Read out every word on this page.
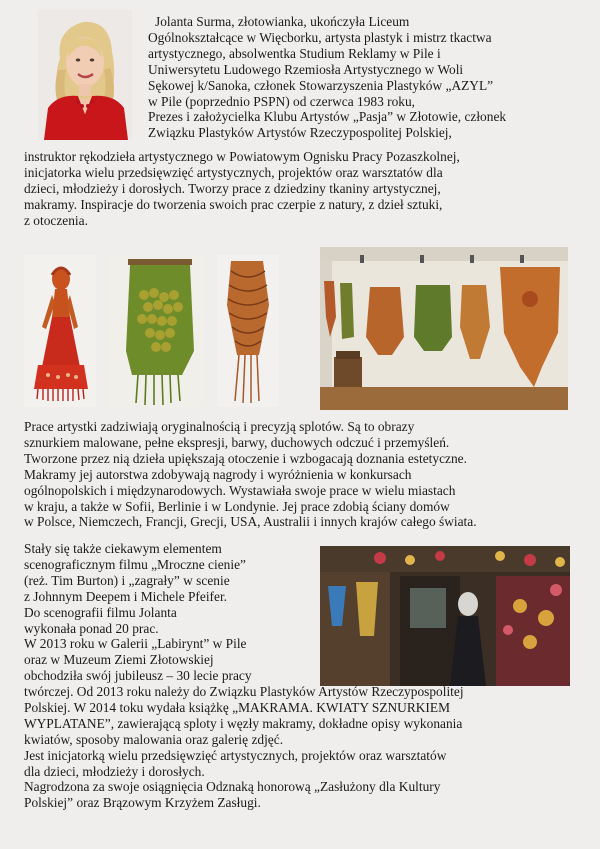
Jolanta Surma, złotowianka, ukończyła Liceum
Ogólnokształcące w Więcborku, artysta plastyk i mistrz tkactwa
artystycznego, absolwentka Studium Reklamy w Pile i
Uniwersytetu Ludowego Rzemiosła Artystycznego w Woli
Sękowej k/Sanoka, członek Stowarzyszenia Plastyków „AZYL”
w Pile (poprzednio PSPN) od czerwca 1983 roku,
Prezes i założycielka Klubu Artystów „Pasja” w Złotowie, członek
Związku Plastyków Artystów Rzeczypospolitej Polskiej,
instruktor rękodzieła artystycznego w Powiatowym Ognisku Pracy Pozaszkolnej,
inicjatorka wielu przedsięwzięć artystycznych, projektów oraz warsztatów dla
dzieci, młodzieży i dorosłych. Tworzy prace z dziedziny tkaniny artystycznej,
makramy. Inspiracje do tworzenia swoich prac czerpie z natury, z dzieł sztuki,
z otoczenia.
Prace artystki zadziwiają oryginalnością i precyzją splotów. Są to obrazy
sznurkiem malowane, pełne ekspresji, barwy, duchowych odczuć i przemyśleń.
Tworzone przez nią dzieła upiększają otoczenie i wzbogacają doznania estetyczne.
Makramy jej autorstwa zdobywają nagrody i wyróżnienia w konkursach
ogólnopolskich i międzynarodowych. Wystawiała swoje prace w wielu miastach
w kraju, a także w Sofii, Berlinie i w Londynie. Jej prace zdobią ściany domów
w Polsce, Niemczech, Francji, Grecji, USA, Australii i innych krajów całego świata.
Stały się także ciekawym elementem
scenograficznym filmu „Mroczne cienie”
(reż. Tim Burton) i „zagrały” w scenie
z Johnnym Deepem i Michele Pfeifer.
Do scenografii filmu Jolanta
wykonała ponad 20 prac.
W 2013 roku w Galerii „Labirynt” w Pile
oraz w Muzeum Ziemi Złotowskiej
obchodziła swój jubileusz – 30 lecie pracy
twórczej. Od 2013 roku należy do Związku Plastyków Artystów Rzeczypospolitej
Polskiej. W 2014 toku wydała książkę „MAKRAMA. KWIATY SZNURKIEM
WYPLATANE”, zawierającą sploty i węzły makramy, dokładne opisy wykonania
kwiatów, sposoby malowania oraz galerię zdjęć.
Jest inicjatorką wielu przedsięwzięć artystycznych, projektów oraz warsztatów
dla dzieci, młodzieży i dorosłych.
Nagrodzona za swoje osiągnięcia Odznaką honorową „Zasłużony dla Kultury
Polskiej” oraz Brązowym Krzyżem Zasługi.
